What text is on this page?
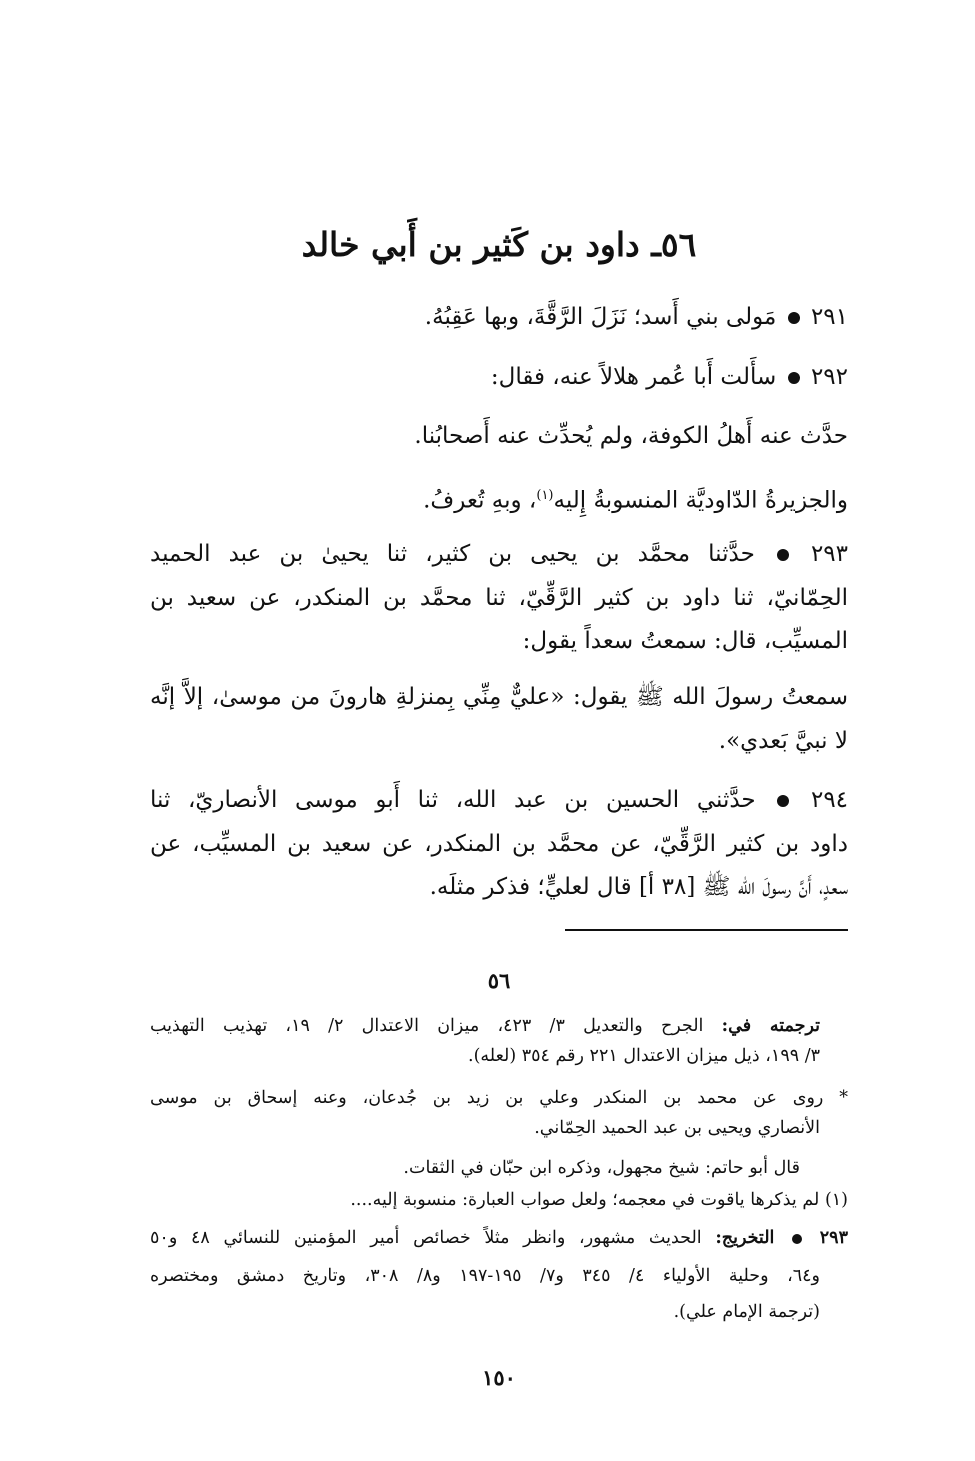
٥٦ـ داود بن كَثير بن أَبي خالد
٢٩١  مَولى بني أَسد؛ نَزَلَ الرَّقَّةَ، وبها عَقِبُهُ.
٢٩٢  سأَلت أَبا عُمر هلالاً عنه، فقال:
حدَّث عنه أَهلُ الكوفة، ولم يُحدِّث عنه أَصحابُنا.
والجزيرةُ الدّاوديَّة المنسوبةُ إِليه$^{(١)}$، وبهِ تُعرفُ.
٢٩٣  حدَّثنا محمَّد بن يحيى بن كثير، ثنا يحيىٰ بن عبد الحميد
الحِمّانيّ، ثنا داود بن كثير الرَّقِّيّ، ثنا محمَّد بن المنكدر، عن سعيد بن
المسيِّب، قال: سمعتُ سعداً يقول:
سمعتُ رسولَ الله ﷺ يقول: «عليٌّ مِنِّي بِمنزلةِ هارونَ من موسىٰ، إلاَّ إنَّه
لا نبيَّ بَعدي».
٢٩٤  حدَّثني الحسين بن عبد الله، ثنا أَبو موسى الأنصاريّ، ثنا
داود بن كثير الرَّقِّيّ، عن محمَّد بن المنكدر، عن سعيد بن المسيِّب، عن
سعدٍ، أَنَّ رسولَ الله ﷺ [٣٨ أ] قال لعليٍّ؛ فذكر مثلَه.
٥٦
ترجمته في: الجرح والتعديل ٣/ ٤٢٣، ميزان الاعتدال ٢/ ١٩، تهذيب التهذيب
٣/ ١٩٩، ذيل ميزان الاعتدال ٢٢١ رقم ٣٥٤ (لعله).
* روى عن محمد بن المنكدر وعلي بن زيد بن جُدعان، وعنه إسحاق بن موسى
الأنصاري ويحيى بن عبد الحميد الحِمّاني.
قال أبو حاتم: شيخ مجهول، وذكره ابن حبّان في الثقات.
(١) لم يذكرها ياقوت في معجمه؛ ولعل صواب العبارة: منسوبة إليه....
٢٩٣  التخريج: الحديث مشهور، وانظر مثلاً خصائص أمير المؤمنين للنسائي ٤٨ و٥٠
و٦٤، وحلية الأولياء ٤/ ٣٤٥ و٧/ ١٩٥-١٩٧ و٨/ ٣٠٨، وتاريخ دمشق ومختصره
(ترجمة الإمام علي).
١٥٠
